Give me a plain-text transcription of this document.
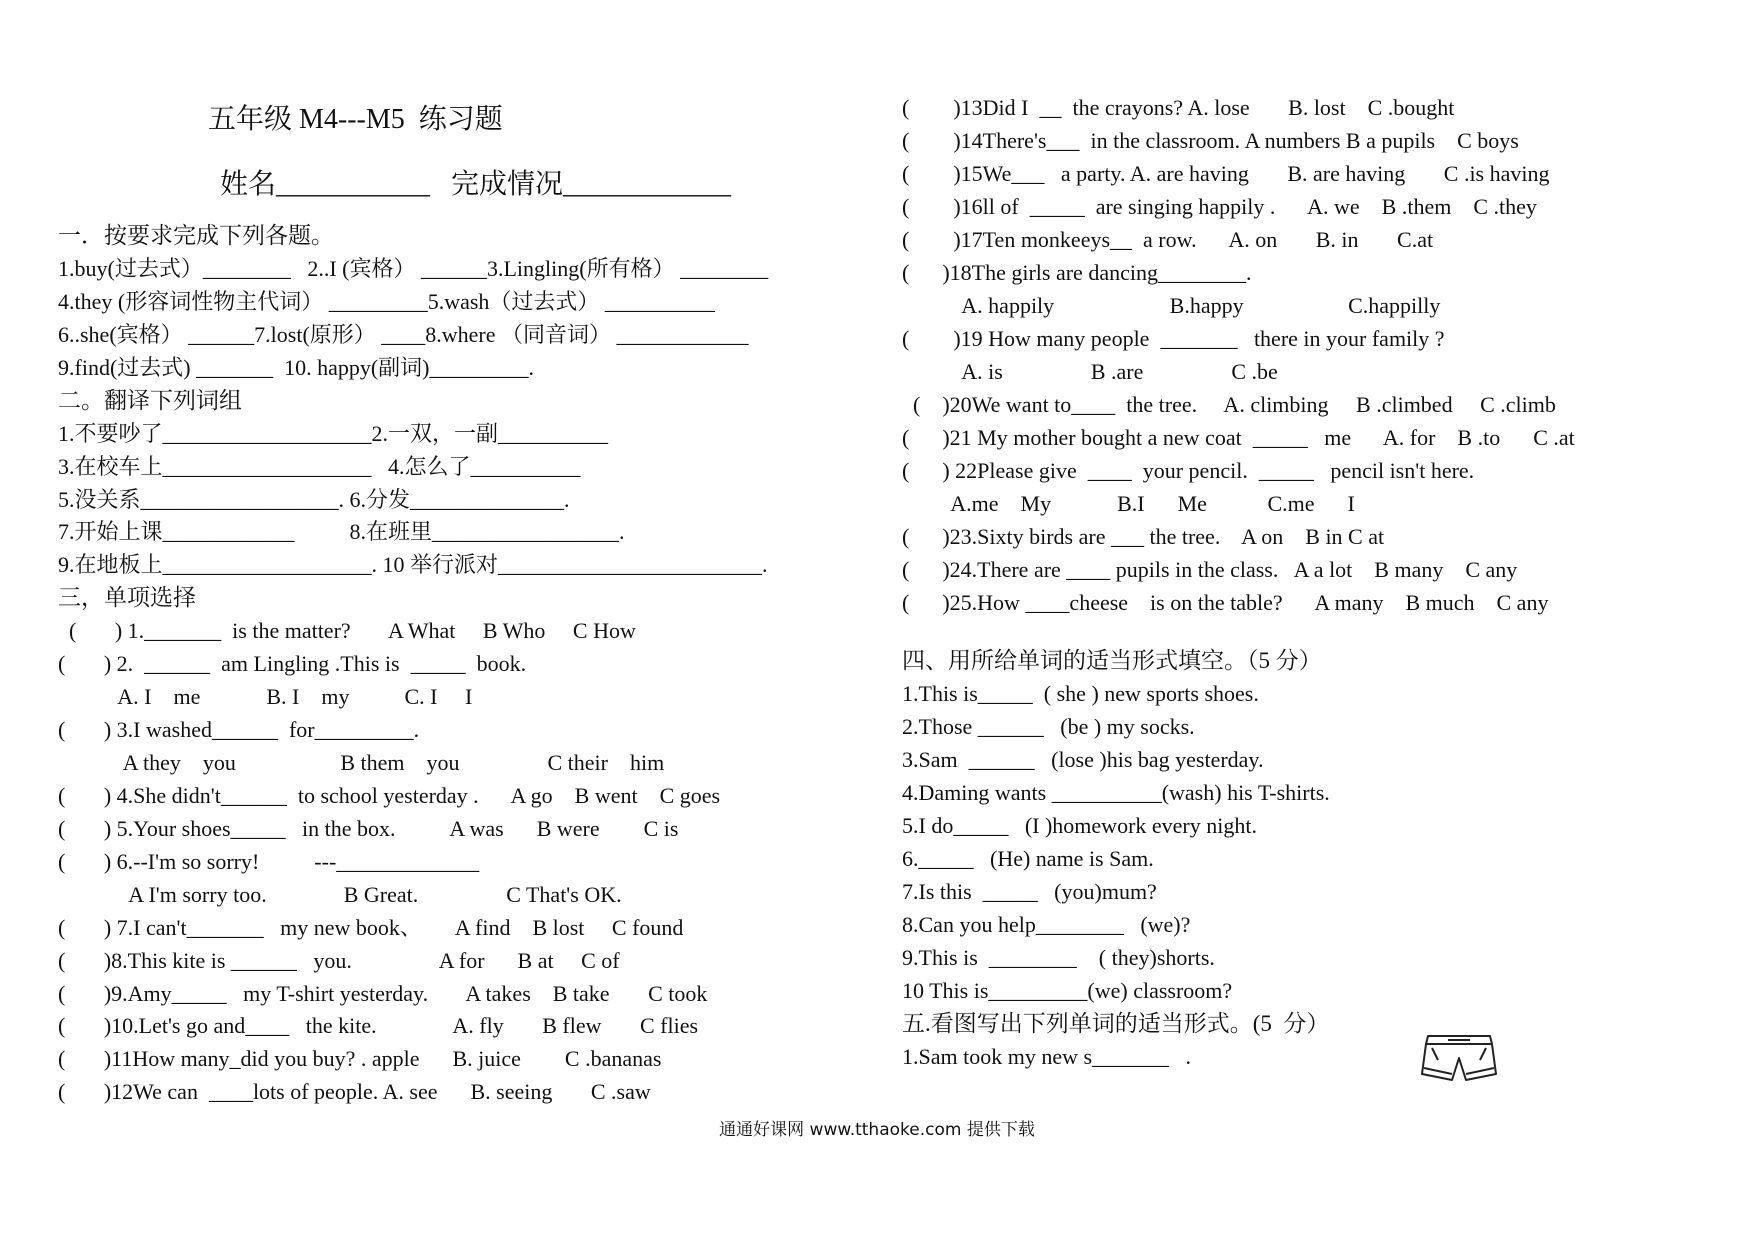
五年级 M4---M5  练习题
姓名___________   完成情况____________
一．按要求完成下列各题。
1.buy(过去式）________   2..I (宾格） ______3.Lingling(所有格） ________
4.they (形容词性物主代词） _________5.wash（过去式） __________
6..she(宾格） ______7.lost(原形） ____8.where （同音词） ____________
9.find(过去式) _______  10. happy(副词)_________.
二。翻译下列词组
1.不要吵了___________________2.一双，一副__________
3.在校车上___________________   4.怎么了__________
5.没关系__________________. 6.分发______________.
7.开始上课____________          8.在班里_________________.
9.在地板上___________________. 10 举行派对________________________.
三，单项选择
(       ) 1._______  is the matter?       A What     B Who     C How
(       ) 2.  ______  am Lingling .This is  _____  book.
A. I    me            B. I    my          C. I     I
(       ) 3.I washed______  for_________.
A they    you                   B them    you                C their    him
(       ) 4.She didn't______  to school yesterday .      A go    B went    C goes
(       ) 5.Your shoes_____   in the box.          A was      B were        C is
(       ) 6.--I'm so sorry!          ---_____________
A I'm sorry too.              B Great.                C That's OK.
(       ) 7.I can't_______   my new book、      A find    B lost     C found
(       )8.This kite is ______   you.                A for      B at     C of
(       )9.Amy_____   my T-shirt yesterday.       A takes    B take       C took
(       )10.Let's go and____   the kite.              A. fly       B flew       C flies
(       )11How many_did you buy? . apple      B. juice        C .bananas
(       )12We can  ____lots of people. A. see      B. seeing       C .saw
(        )13Did I  __  the crayons? A. lose       B. lost    C .bought
(        )14There's___  in the classroom. A numbers B a pupils    C boys
(        )15We___   a party. A. are having       B. are having       C .is having
(        )16ll of  _____  are singing happily .      A. we    B .them    C .they
(        )17Ten monkeeys__  a row.      A. on       B. in       C.at
(      )18The girls are dancing________.
A. happily                     B.happy                   C.happilly
(        )19 How many people  _______   there in your family ?
A. is                B .are                C .be
(    )20We want to____  the tree.     A. climbing     B .climbed     C .climb
(      )21 My mother bought a new coat  _____   me      A. for    B .to      C .at
(      ) 22Please give  ____  your pencil.  _____   pencil isn't here.
A.me    My            B.I      Me           C.me      I
(      )23.Sixty birds are ___ the tree.    A on    B in C at
(      )24.There are ____ pupils in the class.   A a lot    B many    C any
(      )25.How ____cheese    is on the table?      A many    B much    C any
四、用所给单词的适当形式填空。（5 分）
1.This is_____  ( she ) new sports shoes.
2.Those ______   (be ) my socks.
3.Sam  ______   (lose )his bag yesterday.
4.Daming wants __________(wash) his T-shirts.
5.I do_____   (I )homework every night.
6._____   (He) name is Sam.
7.Is this  _____   (you)mum?
8.Can you help________   (we)?
9.This is  ________    ( they)shorts.
10 This is_________(we) classroom?
五.看图写出下列单词的适当形式。(5  分）
1.Sam took my new s_______   .
通通好课网 www.tthaoke.com 提供下载
